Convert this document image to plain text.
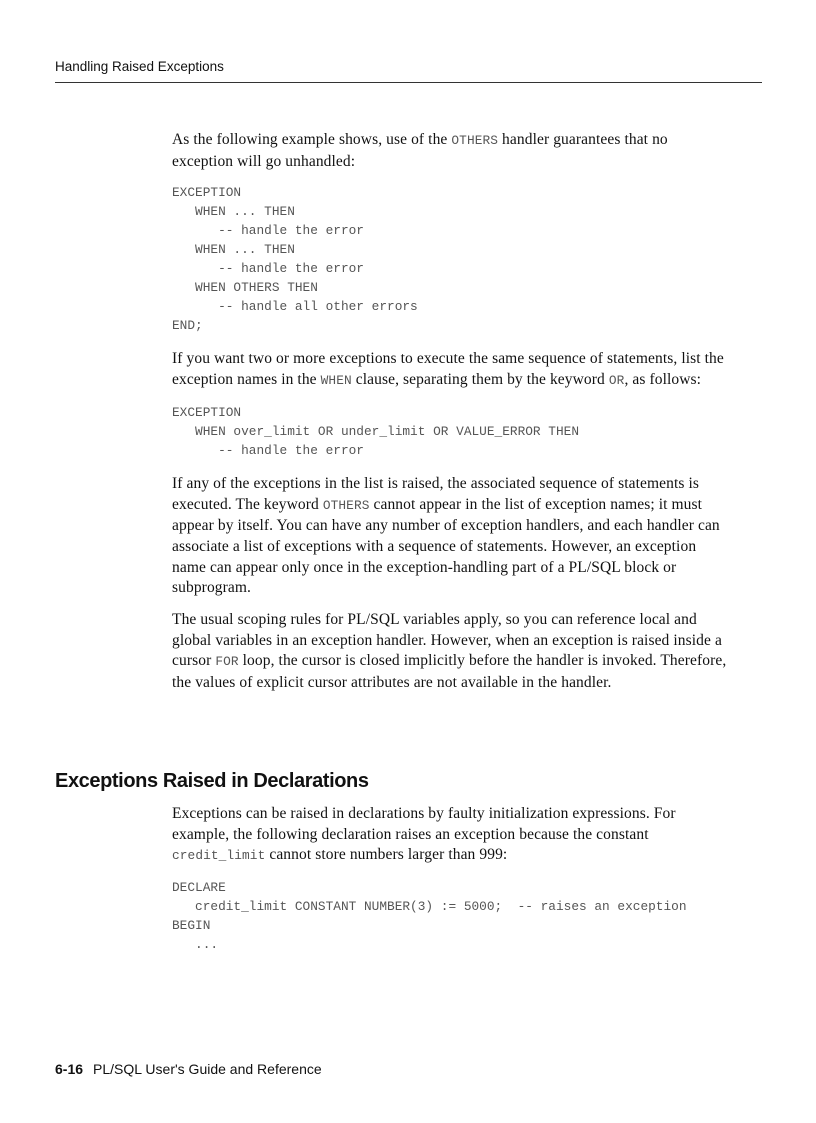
Handling Raised Exceptions

As the following example shows, use of the OTHERS handler guarantees that no exception will go unhandled:

EXCEPTION
WHEN ... THEN
-- handle the error
WHEN ... THEN
-- handle the error
WHEN OTHERS THEN
-- handle all other errors
END;

If you want two or more exceptions to execute the same sequence of statements, list the exception names in the WHEN clause, separating them by the keyword OR, as follows:

EXCEPTION
WHEN over_limit OR under_limit OR VALUE_ERROR THEN
-- handle the error

If any of the exceptions in the list is raised, the associated sequence of statements is executed. The keyword OTHERS cannot appear in the list of exception names; it must appear by itself. You can have any number of exception handlers, and each handler can associate a list of exceptions with a sequence of statements. However, an exception name can appear only once in the exception-handling part of a PL/SQL block or subprogram.

The usual scoping rules for PL/SQL variables apply, so you can reference local and global variables in an exception handler. However, when an exception is raised inside a cursor FOR loop, the cursor is closed implicitly before the handler is invoked. Therefore, the values of explicit cursor attributes are not available in the handler.

Exceptions Raised in Declarations

Exceptions can be raised in declarations by faulty initialization expressions. For example, the following declaration raises an exception because the constant credit_limit cannot store numbers larger than 999:

DECLARE
credit_limit CONSTANT NUMBER(3) := 5000;  -- raises an exception
BEGIN
...
6-16 PL/SQL User's Guide and Reference
